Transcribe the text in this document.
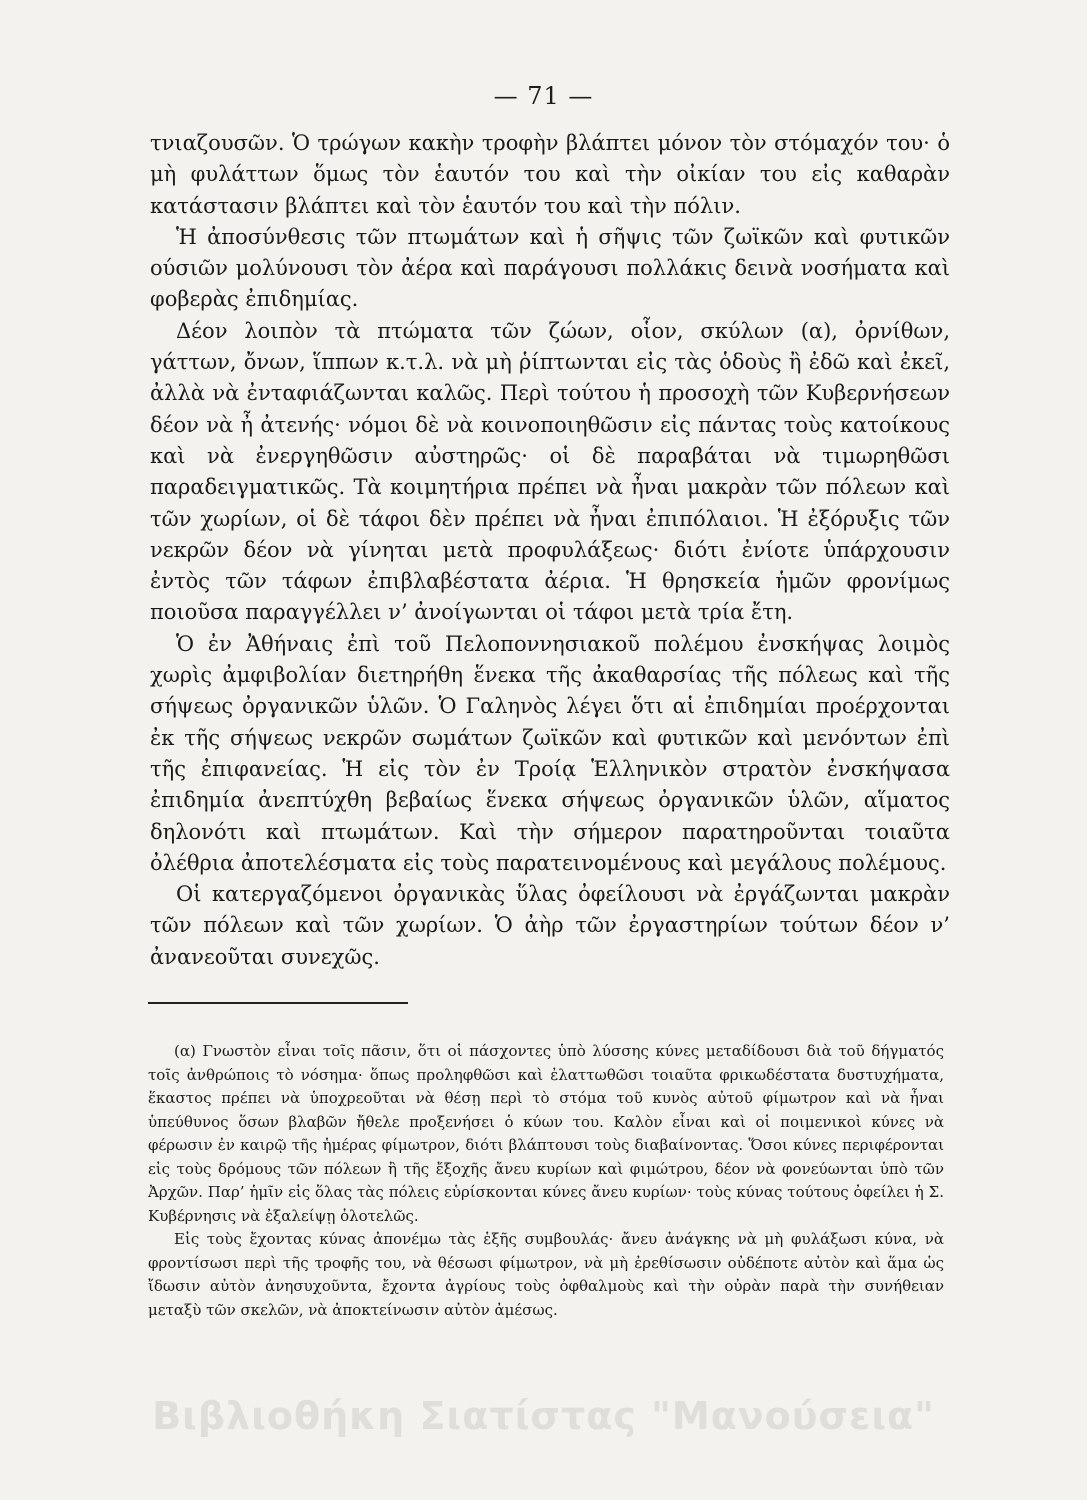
— 71 —

τνιαζουσῶν. Ὁ τρώγων κακὴν τροφὴν βλάπτει μόνον τὸν στόμαχόν του· ὁ μὴ φυλάττων ὅμως τὸν ἑαυτόν του καὶ τὴν οἰκίαν του εἰς καθαρὰν κατάστασιν βλάπτει καὶ τὸν ἑαυτόν του καὶ τὴν πόλιν.

Ἡ ἀποσύνθεσις τῶν πτωμάτων καὶ ἡ σῆψις τῶν ζωϊκῶν καὶ φυτικῶν ούσιῶν μολύνουσι τὸν ἀέρα καὶ παράγουσι πολλάκις δεινὰ νοσήματα καὶ φοβερὰς ἐπιδημίας.

Δέον λοιπὸν τὰ πτώματα τῶν ζώων, οἷον, σκύλων (α), ὀρνίθων, γάττων, ὄνων, ἵππων κ.τ.λ. νὰ μὴ ῥίπτωνται εἰς τὰς ὁδοὺς ἢ ἐδῶ καὶ ἐκεῖ, ἀλλὰ νὰ ἐνταφιάζωνται καλῶς. Περὶ τούτου ἡ προσοχὴ τῶν Κυβερνήσεων δέον νὰ ἦ ἀτενής· νόμοι δὲ νὰ κοινοποιηθῶσιν εἰς πάντας τοὺς κατοίκους καὶ νὰ ἐνεργηθῶσιν αὐστηρῶς· οἱ δὲ παραβάται νὰ τιμωρηθῶσι παραδειγματικῶς. Τὰ κοιμητήρια πρέπει νὰ ἦναι μακρὰν τῶν πόλεων καὶ τῶν χωρίων, οἱ δὲ τάφοι δὲν πρέπει νὰ ἦναι ἐπιπόλαιοι. Ἡ ἐξόρυξις τῶν νεκρῶν δέον νὰ γίνηται μετὰ προφυλάξεως· διότι ἐνίοτε ὑπάρχουσιν ἐντὸς τῶν τάφων ἐπιβλαβέστατα ἀέρια. Ἡ θρησκεία ἡμῶν φρονίμως ποιοῦσα παραγγέλλει ν’ ἀνοίγωνται οἱ τάφοι μετὰ τρία ἔτη.

Ὁ ἐν Ἀθήναις ἐπὶ τοῦ Πελοποννησιακοῦ πολέμου ἐνσκήψας λοιμὸς χωρὶς ἀμφιβολίαν διετηρήθη ἕνεκα τῆς ἀκαθαρσίας τῆς πόλεως καὶ τῆς σήψεως ὀργανικῶν ὑλῶν. Ὁ Γαληνὸς λέγει ὅτι αἱ ἐπιδημίαι προέρχονται ἐκ τῆς σήψεως νεκρῶν σωμάτων ζωϊκῶν καὶ φυτικῶν καὶ μενόντων ἐπὶ τῆς ἐπιφανείας. Ἡ εἰς τὸν ἐν Τροίᾳ Ἑλληνικὸν στρατὸν ἐνσκήψασα ἐπιδημία ἀνεπτύχθη βεβαίως ἕνεκα σήψεως ὀργανικῶν ὑλῶν, αἵματος δηλονότι καὶ πτωμάτων. Καὶ τὴν σήμερον παρατηροῦνται τοιαῦτα ὀλέθρια ἀποτελέσματα εἰς τοὺς παρατεινομένους καὶ μεγάλους πολέμους.

Οἱ κατεργαζόμενοι ὀργανικὰς ὕλας ὀφείλουσι νὰ ἐργάζωνται μακρὰν τῶν πόλεων καὶ τῶν χωρίων. Ὁ ἀὴρ τῶν ἐργαστηρίων τούτων δέον ν’ ἀνανεοῦται συνεχῶς.

(α) Γνωστὸν εἶναι τοῖς πᾶσιν, ὅτι οἱ πάσχοντες ὑπὸ λύσσης κύνες μεταδίδουσι διὰ τοῦ δήγματός τοῖς ἀνθρώποις τὸ νόσημα· ὅπως προληφθῶσι καὶ ἐλαττωθῶσι τοιαῦτα φρικωδέστατα δυστυχήματα, ἕκαστος πρέπει νὰ ὑποχρεοῦται νὰ θέσῃ περὶ τὸ στόμα τοῦ κυνὸς αὐτοῦ φίμωτρον καὶ νὰ ἦναι ὑπεύθυνος ὅσων βλαβῶν ἤθελε προξενήσει ὁ κύων του. Καλὸν εἶναι καὶ οἱ ποιμενικοὶ κύνες νὰ φέρωσιν ἐν καιρῷ τῆς ἡμέρας φίμωτρον, διότι βλάπτουσι τοὺς διαβαίνοντας. Ὅσοι κύνες περιφέρονται εἰς τοὺς δρόμους τῶν πόλεων ἢ τῆς ἔξοχῆς ἄνευ κυρίων καὶ φιμώτρου, δέον νὰ φονεύωνται ὑπὸ τῶν Ἀρχῶν. Παρ’ ἡμῖν εἰς ὅλας τὰς πόλεις εὑρίσκονται κύνες ἄνευ κυρίων· τοὺς κύνας τούτους ὀφείλει ἡ Σ. Κυβέρνησις νὰ ἐξαλείψῃ ὁλοτελῶς.

Εἰς τοὺς ἔχοντας κύνας ἀπονέμω τὰς ἑξῆς συμβουλάς· ἄνευ ἀνάγκης νὰ μὴ φυλάξωσι κύνα, νὰ φροντίσωσι περὶ τῆς τροφῆς του, νὰ θέσωσι φίμωτρον, νὰ μὴ ἐρεθίσωσιν οὐδέποτε αὐτὸν καὶ ἅμα ὡς ἴδωσιν αὐτὸν ἀνησυχοῦντα, ἔχοντα ἀγρίους τοὺς ὀφθαλμοὺς καὶ τὴν οὐρὰν παρὰ τὴν συνήθειαν μεταξὺ τῶν σκελῶν, νὰ ἀποκτείνωσιν αὐτὸν ἀμέσως.

Βιβλιοθήκη Σιατίστας "Μανούσεια"
